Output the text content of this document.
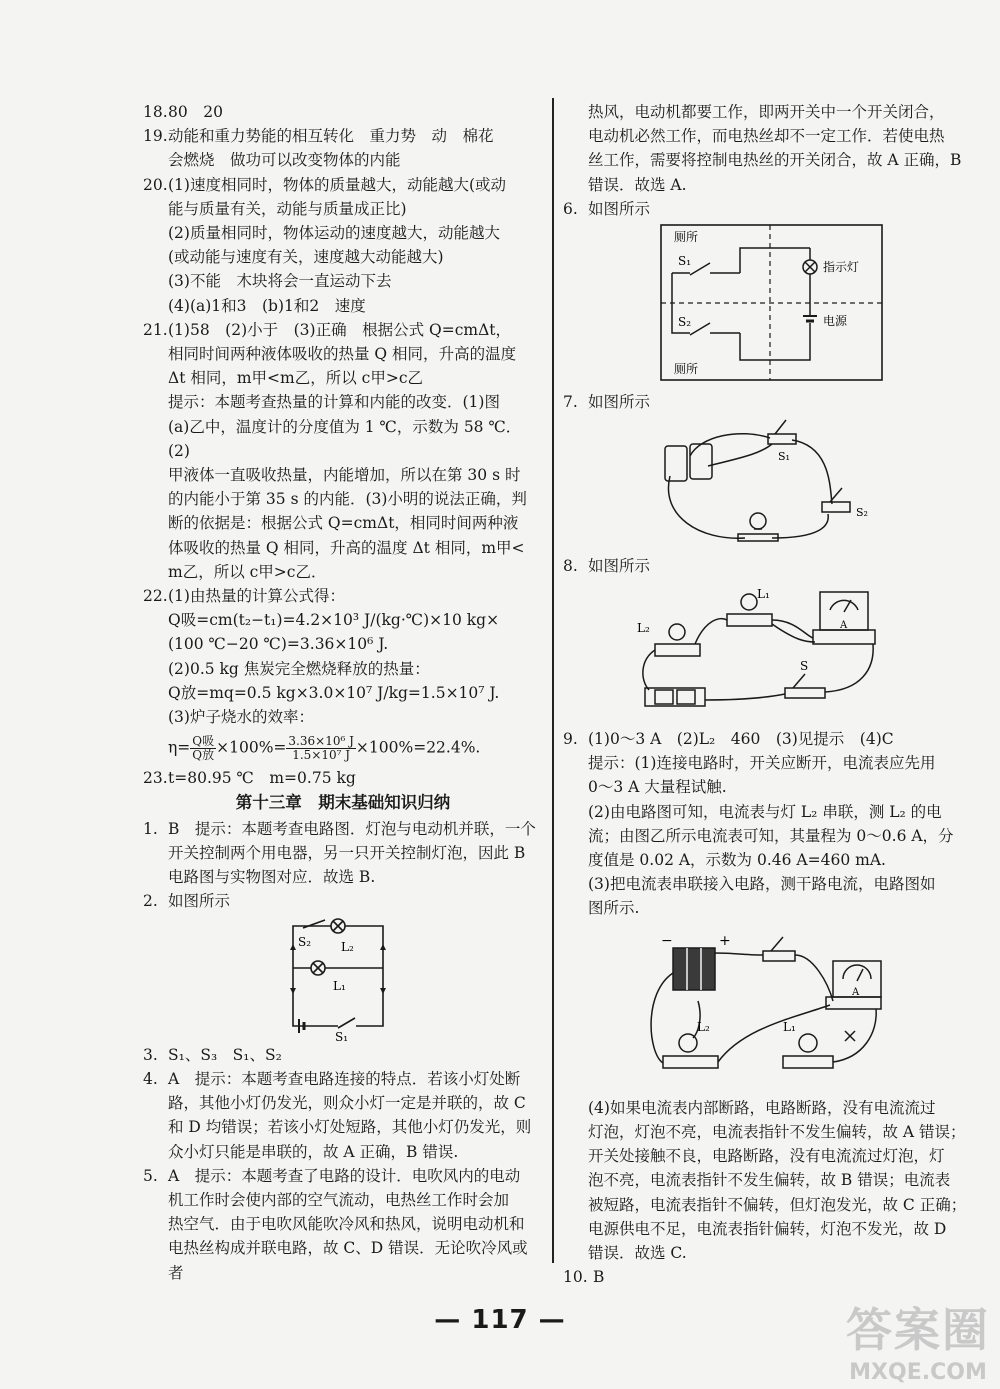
18. 80　20
19. 动能和重力势能的相互转化　重力势　动　棉花
会燃烧　做功可以改变物体的内能
20. (1)速度相同时，物体的质量越大，动能越大(或动
能与质量有关，动能与质量成正比)
(2)质量相同时，物体运动的速度越大，动能越大
(或动能与速度有关，速度越大动能越大)
(3)不能　木块将会一直运动下去
(4)(a)1和3　(b)1和2　速度
21. (1)58　(2)小于　(3)正确　根据公式 Q=cmΔt，
相同时间两种液体吸收的热量 Q 相同，升高的温度
Δt 相同，m甲<m乙，所以 c甲>c乙
提示：本题考查热量的计算和内能的改变．(1)图
(a)乙中，温度计的分度值为 1 ℃，示数为 58 ℃．(2)
甲液体一直吸收热量，内能增加，所以在第 30 s 时
的内能小于第 35 s 的内能．(3)小明的说法正确，判
断的依据是：根据公式 Q=cmΔt，相同时间两种液
体吸收的热量 Q 相同，升高的温度 Δt 相同，m甲<
m乙，所以 c甲>c乙．
22. (1)由热量的计算公式得：
Q吸=cm(t₂−t₁)=4.2×10³ J/(kg·℃)×10 kg×
(100 ℃−20 ℃)=3.36×10⁶ J.
(2)0.5 kg 焦炭完全燃烧释放的热量：
Q放=mq=0.5 kg×3.0×10⁷ J/kg=1.5×10⁷ J.
(3)炉子烧水的效率：
$\eta= \frac{\text{Q吸}}{\text{Q放}} \times 100\%= \frac{\text{3.36×10⁶ J}}{\text{1.5×10⁷ J}} \times 100\%=22.4\%$.
23. t=80.95 ℃　m=0.75 kg
第十三章　期末基础知识归纳
1. B　提示：本题考查电路图．灯泡与电动机并联，一个
开关控制两个用电器，另一只开关控制灯泡，因此 B
电路图与实物图对应．故选 B.
2. 如图所示
S₂ L₂
L₁
S₁
3. S₁、S₃　S₁、S₂
4. A　提示：本题考查电路连接的特点．若该小灯处断
路，其他小灯仍发光，则众小灯一定是并联的，故 C
和 D 均错误；若该小灯处短路，其他小灯仍发光，则
众小灯只能是串联的，故 A 正确，B 错误.
5. A　提示：本题考查了电路的设计．电吹风内的电动
机工作时会使内部的空气流动，电热丝工作时会加
热空气．由于电吹风能吹冷风和热风，说明电动机和
电热丝构成并联电路，故 C、D 错误．无论吹冷风或者
热风，电动机都要工作，即两开关中一个开关闭合，
电动机必然工作，而电热丝却不一定工作．若使电热
丝工作，需要将控制电热丝的开关闭合，故 A 正确，B
错误．故选 A.
6. 如图所示
厕所
S₁	指示灯
S₂	电源
厕所
7. 如图所示
S₁
S₂
8. 如图所示
L₁
L₂	A
S
9. (1)0～3 A　(2)L₂　460　(3)见提示　(4)C
提示：(1)连接电路时，开关应断开，电流表应先用
0～3 A 大量程试触.
(2)由电路图可知，电流表与灯 L₂ 串联，测 L₂ 的电
流；由图乙所示电流表可知，其量程为 0～0.6 A，分
度值是 0.02 A，示数为 0.46 A=460 mA.
(3)把电流表串联接入电路，测干路电流，电路图如
图所示.
−	+
A
L₂	L₁
(4)如果电流表内部断路，电路断路，没有电流流过
灯泡，灯泡不亮，电流表指针不发生偏转，故 A 错误；
开关处接触不良，电路断路，没有电流流过灯泡，灯
泡不亮，电流表指针不发生偏转，故 B 错误；电流表
被短路，电流表指针不偏转，但灯泡发光，故 C 正确；
电源供电不足，电流表指针偏转，灯泡不发光，故 D
错误．故选 C.
10. B
— 117 —	答案圈
MXQE.COM
